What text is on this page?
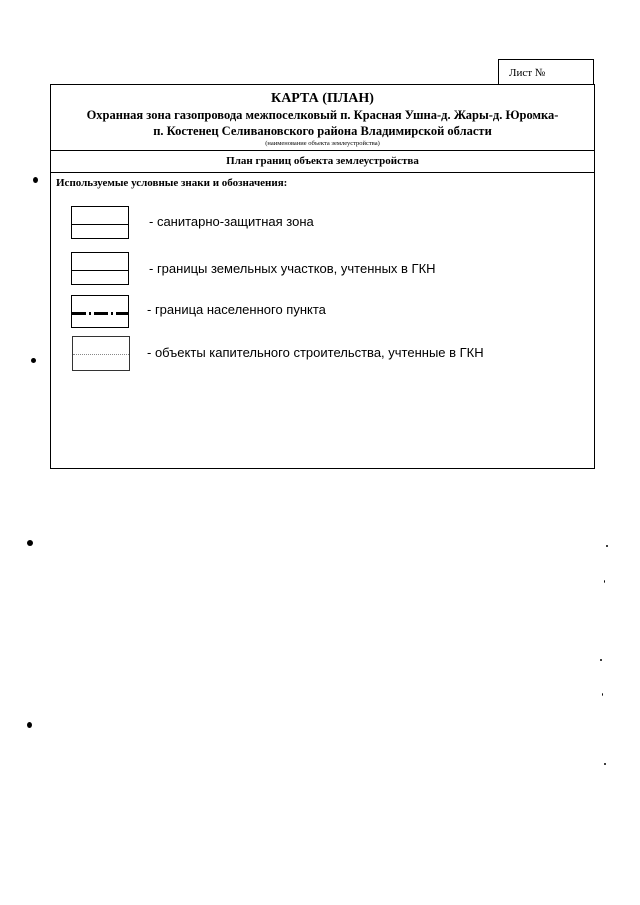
Лист №
КАРТА (ПЛАН)
Охранная зона газопровода межпоселковый п. Красная Ушна-д. Жары-д. Юромка-
п. Костенец Селивановского района Владимирской области
(наименование объекта землеустройства)
План границ объекта землеустройства
Используемые условные знаки и обозначения:
- санитарно-защитная зона
- границы земельных участков, учтенных в ГКН
- граница населенного пункта
- объекты капительного строительства, учтенные в ГКН
